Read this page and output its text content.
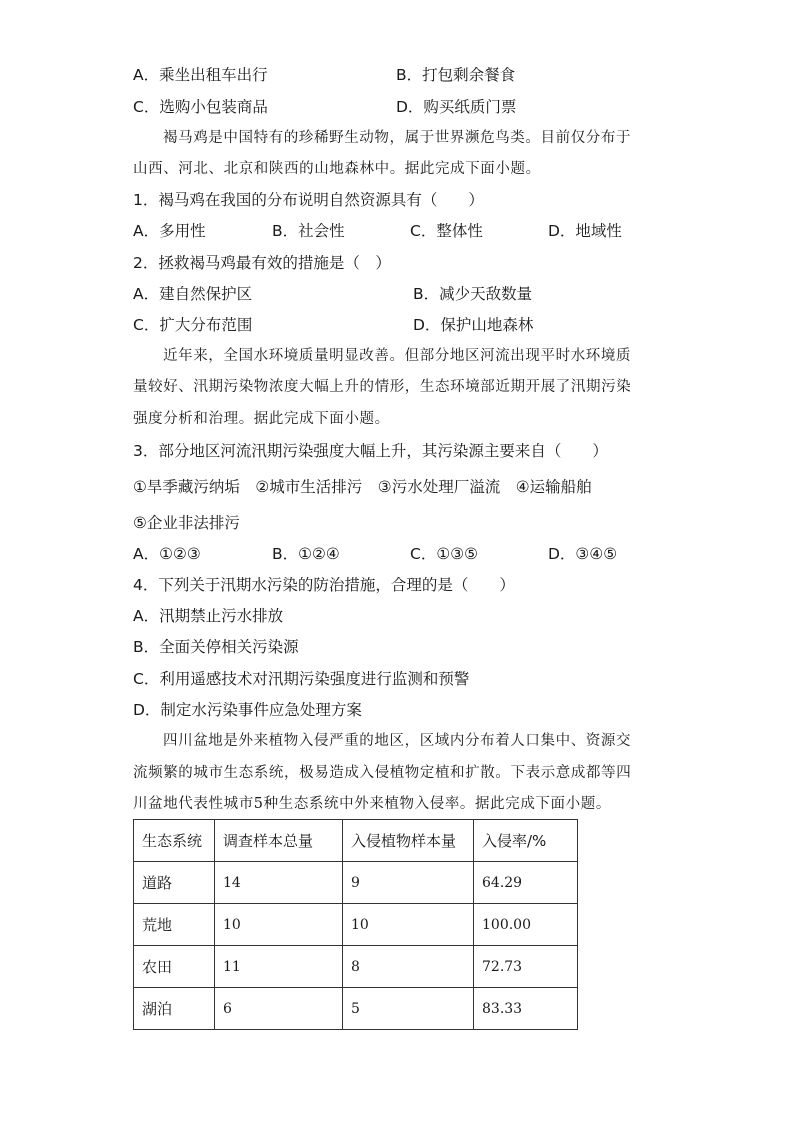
A．乘坐出租车出行	B．打包剩余餐食
C．选购小包装商品	D．购买纸质门票
褐马鸡是中国特有的珍稀野生动物，属于世界濒危鸟类。目前仅分布于
山西、河北、北京和陕西的山地森林中。据此完成下面小题。
1．褐马鸡在我国的分布说明自然资源具有（　　）
A．多用性	B．社会性	C．整体性	D．地域性
2．拯救褐马鸡最有效的措施是（　）
A．建自然保护区	B．减少天敌数量
C．扩大分布范围	D．保护山地森林
近年来，全国水环境质量明显改善。但部分地区河流出现平时水环境质
量较好、汛期污染物浓度大幅上升的情形，生态环境部近期开展了汛期污染
强度分析和治理。据此完成下面小题。
3．部分地区河流汛期污染强度大幅上升，其污染源主要来自（　　）
①旱季藏污纳垢　②城市生活排污　③污水处理厂溢流　④运输船舶
⑤企业非法排污
A．①②③	B．①②④	C．①③⑤	D．③④⑤
4．下列关于汛期水污染的防治措施，合理的是（　　）
A．汛期禁止污水排放
B．全面关停相关污染源
C．利用遥感技术对汛期污染强度进行监测和预警
D．制定水污染事件应急处理方案
四川盆地是外来植物入侵严重的地区，区域内分布着人口集中、资源交
流频繁的城市生态系统，极易造成入侵植物定植和扩散。下表示意成都等四
川盆地代表性城市5种生态系统中外来植物入侵率。据此完成下面小题。
生态系统	调查样本总量	入侵植物样本量	入侵率/%
道路	14	9	64.29
荒地	10	10	100.00
农田	11	8	72.73
湖泊	6	5	83.33
